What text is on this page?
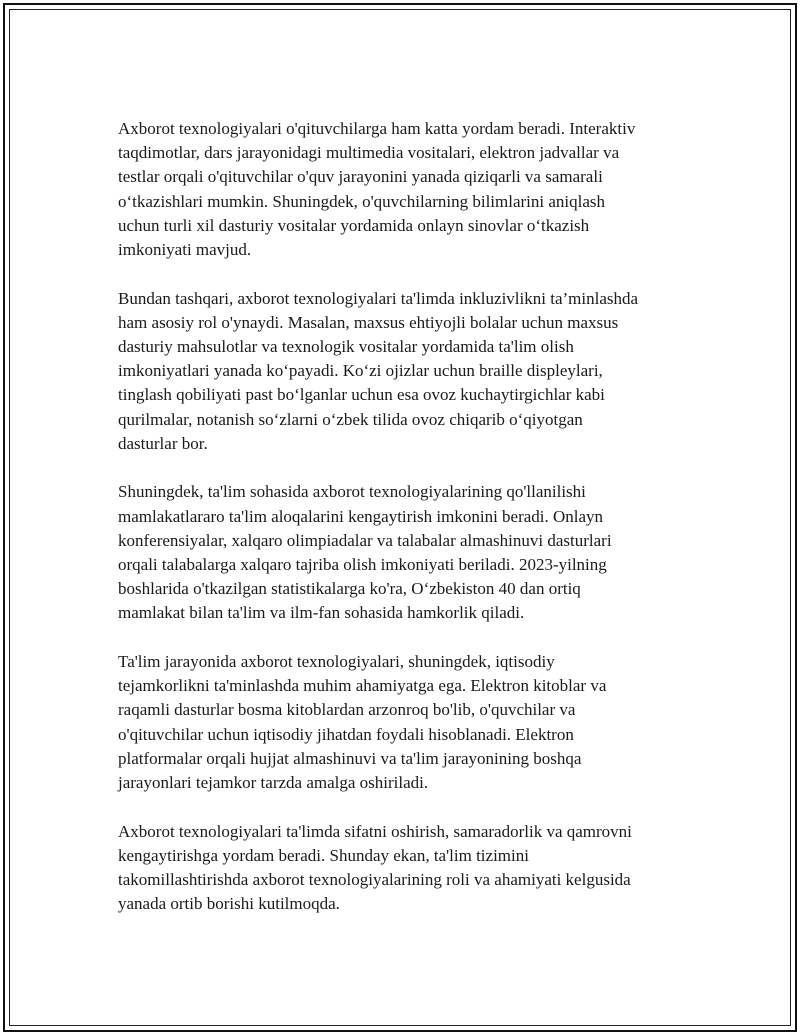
Axborot texnologiyalari o'qituvchilarga ham katta yordam beradi. Interaktiv
taqdimotlar, dars jarayonidagi multimedia vositalari, elektron jadvallar va
testlar orqali o'qituvchilar o'quv jarayonini yanada qiziqarli va samarali
o‘tkazishlari mumkin. Shuningdek, o'quvchilarning bilimlarini aniqlash
uchun turli xil dasturiy vositalar yordamida onlayn sinovlar o‘tkazish
imkoniyati mavjud.

Bundan tashqari, axborot texnologiyalari ta'limda inkluzivlikni ta’minlashda
ham asosiy rol o'ynaydi. Masalan, maxsus ehtiyojli bolalar uchun maxsus
dasturiy mahsulotlar va texnologik vositalar yordamida ta'lim olish
imkoniyatlari yanada ko‘payadi. Ko‘zi ojizlar uchun braille displeylari,
tinglash qobiliyati past bo‘lganlar uchun esa ovoz kuchaytirgichlar kabi
qurilmalar, notanish so‘zlarni o‘zbek tilida ovoz chiqarib o‘qiyotgan
dasturlar bor.

Shuningdek, ta'lim sohasida axborot texnologiyalarining qo'llanilishi
mamlakatlararo ta'lim aloqalarini kengaytirish imkonini beradi. Onlayn
konferensiyalar, xalqaro olimpiadalar va talabalar almashinuvi dasturlari
orqali talabalarga xalqaro tajriba olish imkoniyati beriladi. 2023-yilning
boshlarida o'tkazilgan statistikalarga ko'ra, O‘zbekiston 40 dan ortiq
mamlakat bilan ta'lim va ilm-fan sohasida hamkorlik qiladi.

Ta'lim jarayonida axborot texnologiyalari, shuningdek, iqtisodiy
tejamkorlikni ta'minlashda muhim ahamiyatga ega. Elektron kitoblar va
raqamli dasturlar bosma kitoblardan arzonroq bo'lib, o'quvchilar va
o'qituvchilar uchun iqtisodiy jihatdan foydali hisoblanadi. Elektron
platformalar orqali hujjat almashinuvi va ta'lim jarayonining boshqa
jarayonlari tejamkor tarzda amalga oshiriladi.

Axborot texnologiyalari ta'limda sifatni oshirish, samaradorlik va qamrovni
kengaytirishga yordam beradi. Shunday ekan, ta'lim tizimini
takomillashtirishda axborot texnologiyalarining roli va ahamiyati kelgusida
yanada ortib borishi kutilmoqda.
